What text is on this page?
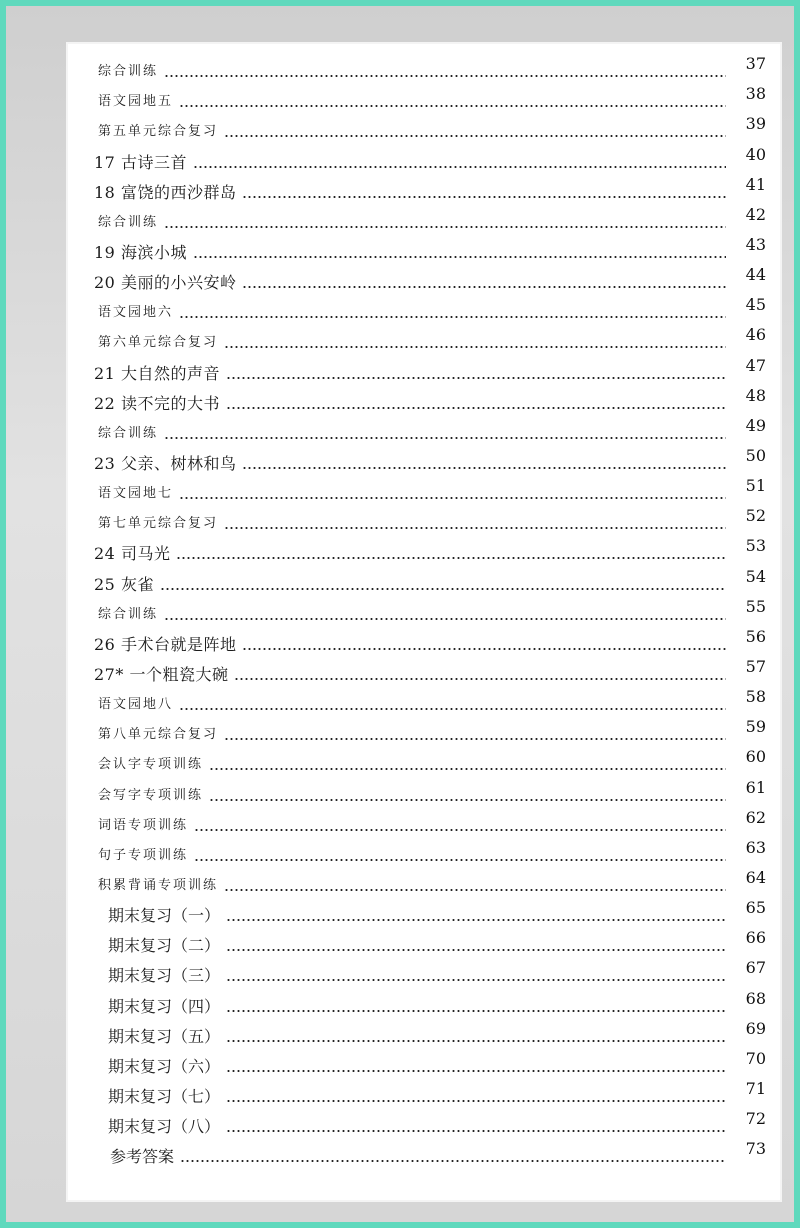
综合训练	37
语文园地五	38
第五单元综合复习	39
17 古诗三首	40
18 富饶的西沙群岛	41
综合训练	42
19 海滨小城	43
20 美丽的小兴安岭	44
语文园地六	45
第六单元综合复习	46
21 大自然的声音	47
22 读不完的大书	48
综合训练	49
23 父亲、树林和鸟	50
语文园地七	51
第七单元综合复习	52
24 司马光	53
25 灰雀	54
综合训练	55
26 手术台就是阵地	56
27* 一个粗瓷大碗	57
语文园地八	58
第八单元综合复习	59
会认字专项训练	60
会写字专项训练	61
词语专项训练	62
句子专项训练	63
积累背诵专项训练	64
期末复习（一）	65
期末复习（二）	66
期末复习（三）	67
期末复习（四）	68
期末复习（五）	69
期末复习（六）	70
期末复习（七）	71
期末复习（八）	72
参考答案	73
